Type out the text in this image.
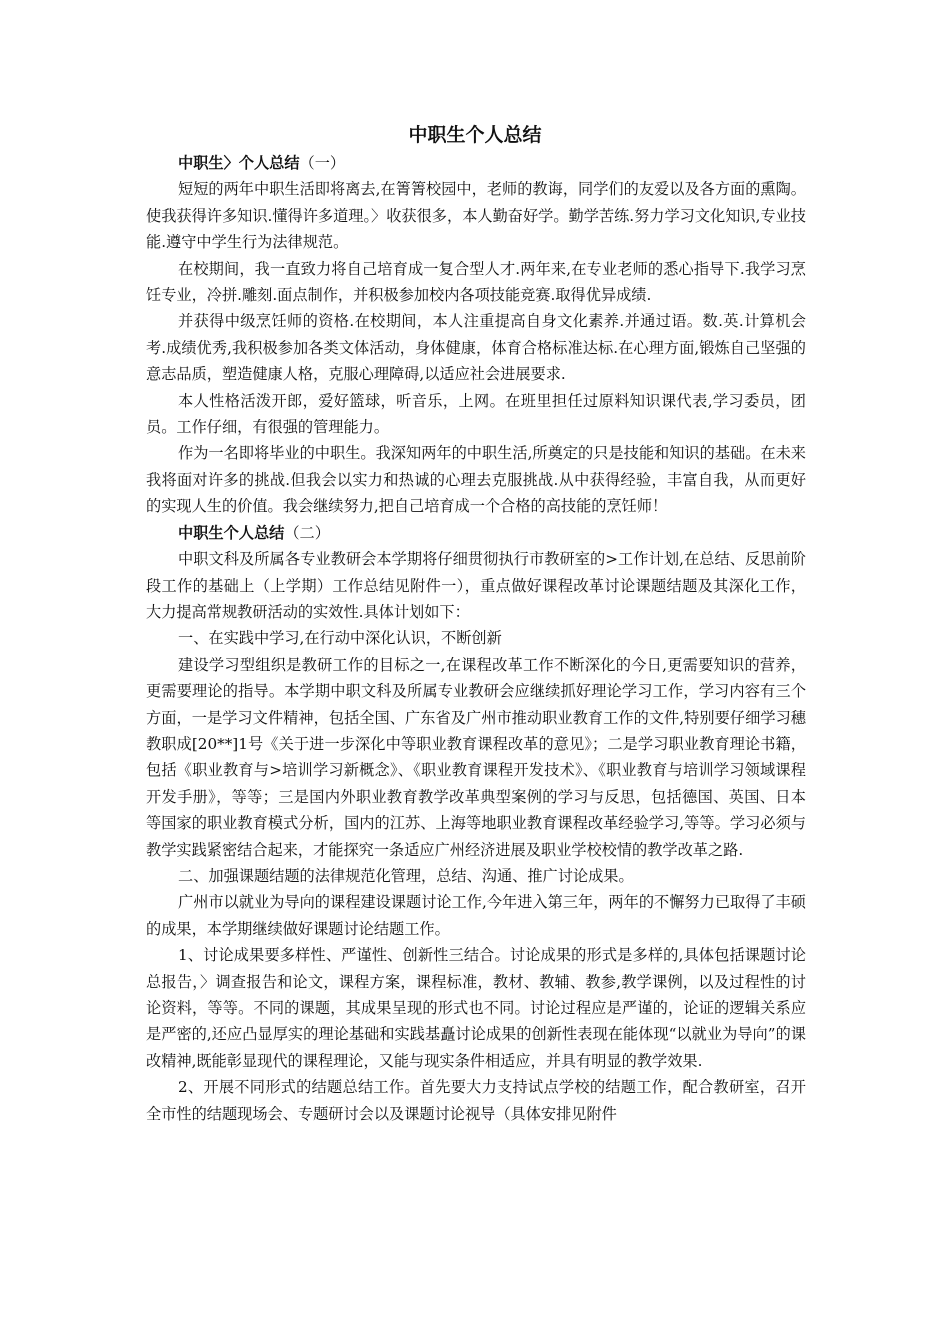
中职生个人总结
中职生〉个人总结（一）

短短的两年中职生活即将离去,在箐箐校园中，老师的教诲，同学们的友爱以及各方面的熏陶。使我获得许多知识.懂得许多道理。〉收获很多，本人勤奋好学。勤学苦练.努力学习文化知识,专业技能.遵守中学生行为法律规范。

在校期间，我一直致力将自己培育成一复合型人才.两年来,在专业老师的悉心指导下.我学习烹饪专业，冷拼.雕刻.面点制作，并积极参加校内各项技能竞赛.取得优异成绩.

并获得中级烹饪师的资格.在校期间，本人注重提高自身文化素养.并通过语。数.英.计算机会考.成绩优秀,我积极参加各类文体活动，身体健康，体育合格标准达标.在心理方面,锻炼自己坚强的意志品质，塑造健康人格，克服心理障碍,以适应社会进展要求.

本人性格活泼开郎，爱好篮球，听音乐，上网。在班里担任过原料知识课代表,学习委员，团员。工作仔细，有很强的管理能力。

作为一名即将毕业的中职生。我深知两年的中职生活,所奠定的只是技能和知识的基础。在未来我将面对许多的挑战.但我会以实力和热诚的心理去克服挑战.从中获得经验，丰富自我，从而更好的实现人生的价值。我会继续努力,把自己培育成一个合格的高技能的烹饪师！

中职生个人总结（二）

中职文科及所属各专业教研会本学期将仔细贯彻执行市教研室的>工作计划,在总结、反思前阶段工作的基础上（上学期）工作总结见附件一），重点做好课程改革讨论课题结题及其深化工作，大力提高常规教研活动的实效性.具体计划如下：

一、在实践中学习,在行动中深化认识，不断创新

建设学习型组织是教研工作的目标之一,在课程改革工作不断深化的今日,更需要知识的营养，更需要理论的指导。本学期中职文科及所属专业教研会应继续抓好理论学习工作，学习内容有三个方面，一是学习文件精神，包括全国、广东省及广州市推动职业教育工作的文件,特别要仔细学习穗教职成[20**]1号《关于进一步深化中等职业教育课程改革的意见》；二是学习职业教育理论书籍，包括《职业教育与>培训学习新概念》、《职业教育课程开发技术》、《职业教育与培训学习领域课程开发手册》，等等；三是国内外职业教育教学改革典型案例的学习与反思，包括德国、英国、日本等国家的职业教育模式分析，国内的江苏、上海等地职业教育课程改革经验学习,等等。学习必须与教学实践紧密结合起来，才能探究一条适应广州经济进展及职业学校校情的教学改革之路.

二、加强课题结题的法律规范化管理，总结、沟通、推广讨论成果。

广州市以就业为导向的课程建设课题讨论工作,今年进入第三年，两年的不懈努力已取得了丰硕的成果，本学期继续做好课题讨论结题工作。

1、讨论成果要多样性、严谨性、创新性三结合。讨论成果的形式是多样的,具体包括课题讨论总报告，〉调查报告和论文，课程方案，课程标准，教材、教辅、教参,教学课例，以及过程性的讨论资料，等等。不同的课题，其成果呈现的形式也不同。讨论过程应是严谨的，论证的逻辑关系应是严密的,还应凸显厚实的理论基础和实践基矗讨论成果的创新性表现在能体现“以就业为导向”的课改精神,既能彰显现代的课程理论，又能与现实条件相适应，并具有明显的教学效果.

2、开展不同形式的结题总结工作。首先要大力支持试点学校的结题工作，配合教研室，召开全市性的结题现场会、专题研讨会以及课题讨论视导（具体安排见附件
